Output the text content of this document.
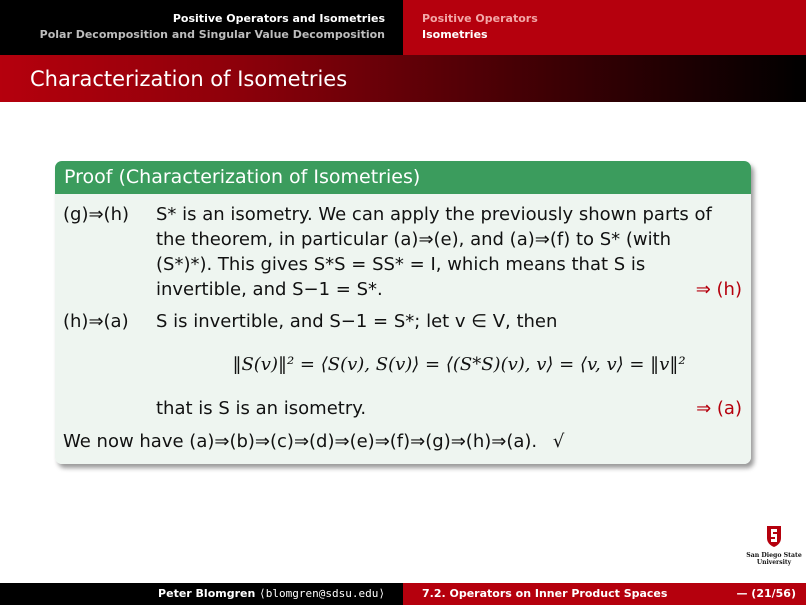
Positive Operators and Isometries
Polar Decomposition and Singular Value Decomposition
Positive Operators
Isometries
Characterization of Isometries
Proof (Characterization of Isometries)
(g)⇒(h) S* is an isometry. We can apply the previously shown parts of
the theorem, in particular (a)⇒(e), and (a)⇒(f) to S* (with
(S*)*). This gives S*S = SS* = I, which means that S is
invertible, and S−1 = S*.	⇒ (h)
(h)⇒(a) S is invertible, and S−1 = S*; let v ∈ V, then
‖S(v)‖² = ⟨S(v), S(v)⟩ = ⟨(S*S)(v), v⟩ = ⟨v, v⟩ = ‖v‖²
that is S is an isometry.	⇒ (a)
We now have (a)⇒(b)⇒(c)⇒(d)⇒(e)⇒(f)⇒(g)⇒(h)⇒(a). √
San Diego State
University
Peter Blomgren ⟨blomgren@sdsu.edu⟩	7.2. Operators on Inner Product Spaces	— (21/56)
